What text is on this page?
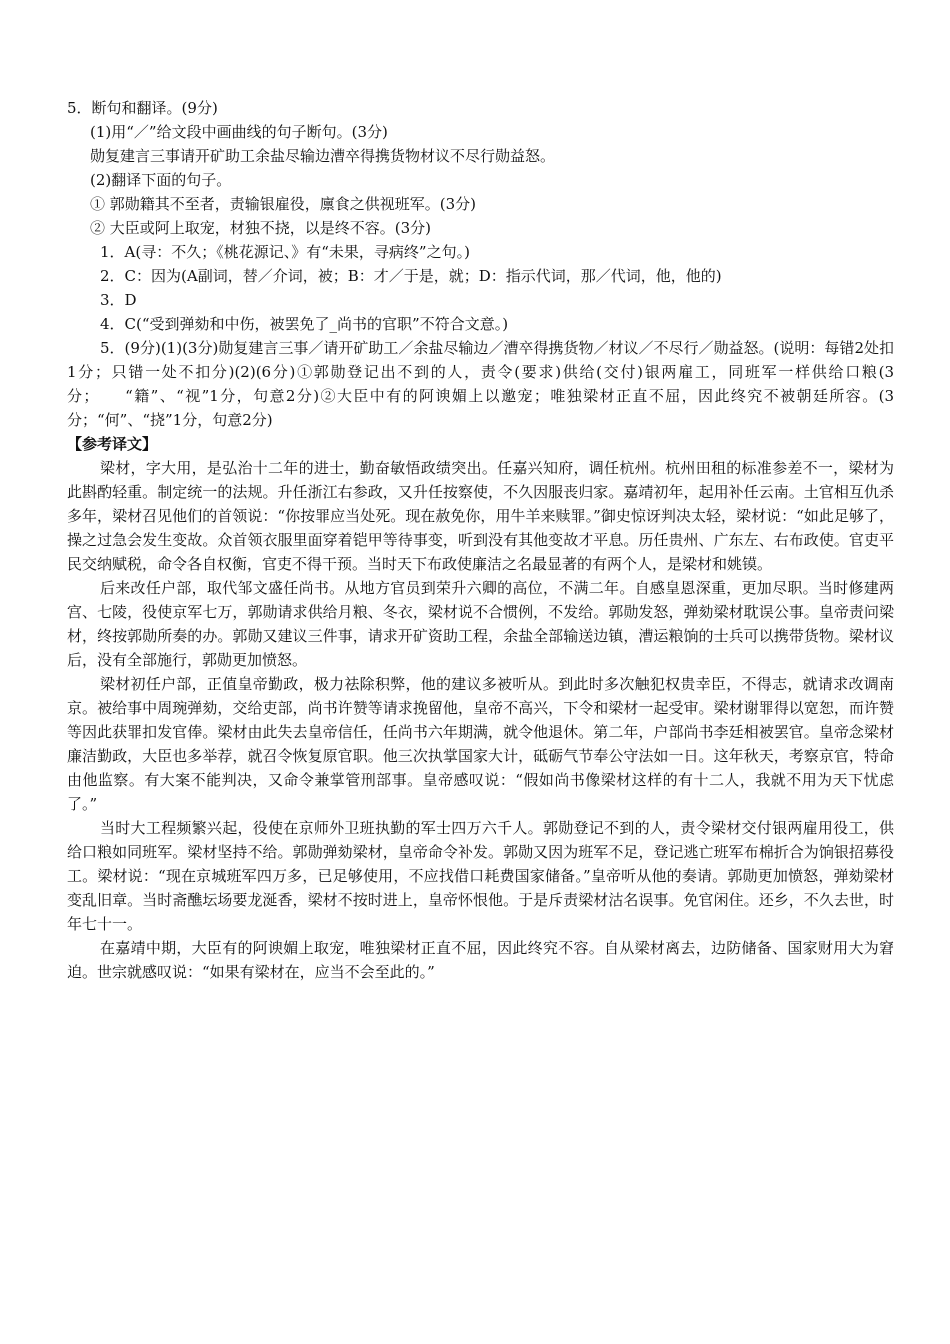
5．断句和翻译。(9分)

(1)用“／”给文段中画曲线的句子断句。(3分)

勋复建言三事请开矿助工余盐尽输边漕卒得携货物材议不尽行勋益怒。

(2)翻译下面的句子。

① 郭勋籍其不至者，责输银雇役，廪食之供视班军。(3分)

② 大臣或阿上取宠，材独不挠，以是终不容。(3分)

1．A(寻：不久；《桃花源记、》有“未果，寻病终”之句。)

2．C：因为(A副词，替／介词，被；B：才／于是，就；D：指示代词，那／代词，他，他的)

3．D

4．C(“受到弹劾和中伤，被罢免了_尚书的官职”不符合文意。)

5．(9分)(1)(3分)勋复建言三事／请开矿助工／余盐尽输边／漕卒得携货物／材议／不尽行／勋益怒。(说明：每错2处扣1分；只错一处不扣分)(2)(6分)①郭勋登记出不到的人，责令(要求)供给(交付)银两雇工，同班军一样供给口粮(3分；　　“籍”、“视”1分，句意2分)②大臣中有的阿谀媚上以邀宠；唯独梁材正直不屈，因此终究不被朝廷所容。(3分；“何”、“挠”1分，句意2分)

【参考译文】

梁材，字大用，是弘治十二年的进士，勤奋敏悟政绩突出。任嘉兴知府，调任杭州。杭州田租的标准参差不一，梁材为此斟酌轻重。制定统一的法规。升任浙江右参政，又升任按察使，不久因服丧归家。嘉靖初年，起用补任云南。土官相互仇杀多年，梁材召见他们的首领说：“你按罪应当处死。现在赦免你，用牛羊来赎罪。”御史惊讶判决太轻，梁材说：“如此足够了，操之过急会发生变故。众首领衣服里面穿着铠甲等待事变，听到没有其他变故才平息。历任贵州、广东左、右布政使。官吏平民交纳赋税，命令各自权衡，官吏不得干预。当时天下布政使廉洁之名最显著的有两个人，是梁材和姚镆。

后来改任户部，取代邹文盛任尚书。从地方官员到荣升六卿的高位，不满二年。自感皇恩深重，更加尽职。当时修建两宫、七陵，役使京军七万，郭勋请求供给月粮、冬衣，梁材说不合惯例，不发给。郭勋发怒，弹劾梁材耽误公事。皇帝责问梁材，终按郭勋所奏的办。郭勋又建议三件事，请求开矿资助工程，余盐全部输送边镇，漕运粮饷的士兵可以携带货物。梁材议后，没有全部施行，郭勋更加愤怒。

梁材初任户部，正值皇帝勤政，极力祛除积弊，他的建议多被听从。到此时多次触犯权贵幸臣，不得志，就请求改调南京。被给事中周琬弹劾，交给吏部，尚书许赞等请求挽留他，皇帝不高兴，下令和梁材一起受审。梁材谢罪得以宽恕，而许赞等因此获罪扣发官俸。梁材由此失去皇帝信任，任尚书六年期满，就令他退休。第二年，户部尚书李廷相被罢官。皇帝念梁材廉洁勤政，大臣也多举荐，就召令恢复原官职。他三次执掌国家大计，砥砺气节奉公守法如一日。这年秋天，考察京官，特命由他监察。有大案不能判决，又命令兼掌管刑部事。皇帝感叹说：“假如尚书像梁材这样的有十二人，我就不用为天下忧虑了。”

当时大工程频繁兴起，役使在京师外卫班执勤的军士四万六千人。郭勋登记不到的人，责令梁材交付银两雇用役工，供给口粮如同班军。梁材坚持不给。郭勋弹劾梁材，皇帝命令补发。郭勋又因为班军不足，登记逃亡班军布棉折合为饷银招募役工。梁材说：“现在京城班军四万多，已足够使用，不应找借口耗费国家储备。”皇帝听从他的奏请。郭勋更加愤怒，弹劾梁材变乱旧章。当时斋醮坛场要龙涎香，梁材不按时进上，皇帝怀恨他。于是斥责梁材沽名误事。免官闲住。还乡，不久去世，时年七十一。

在嘉靖中期，大臣有的阿谀媚上取宠，唯独梁材正直不屈，因此终究不容。自从梁材离去，边防储备、国家财用大为窘迫。世宗就感叹说：“如果有梁材在，应当不会至此的。”
